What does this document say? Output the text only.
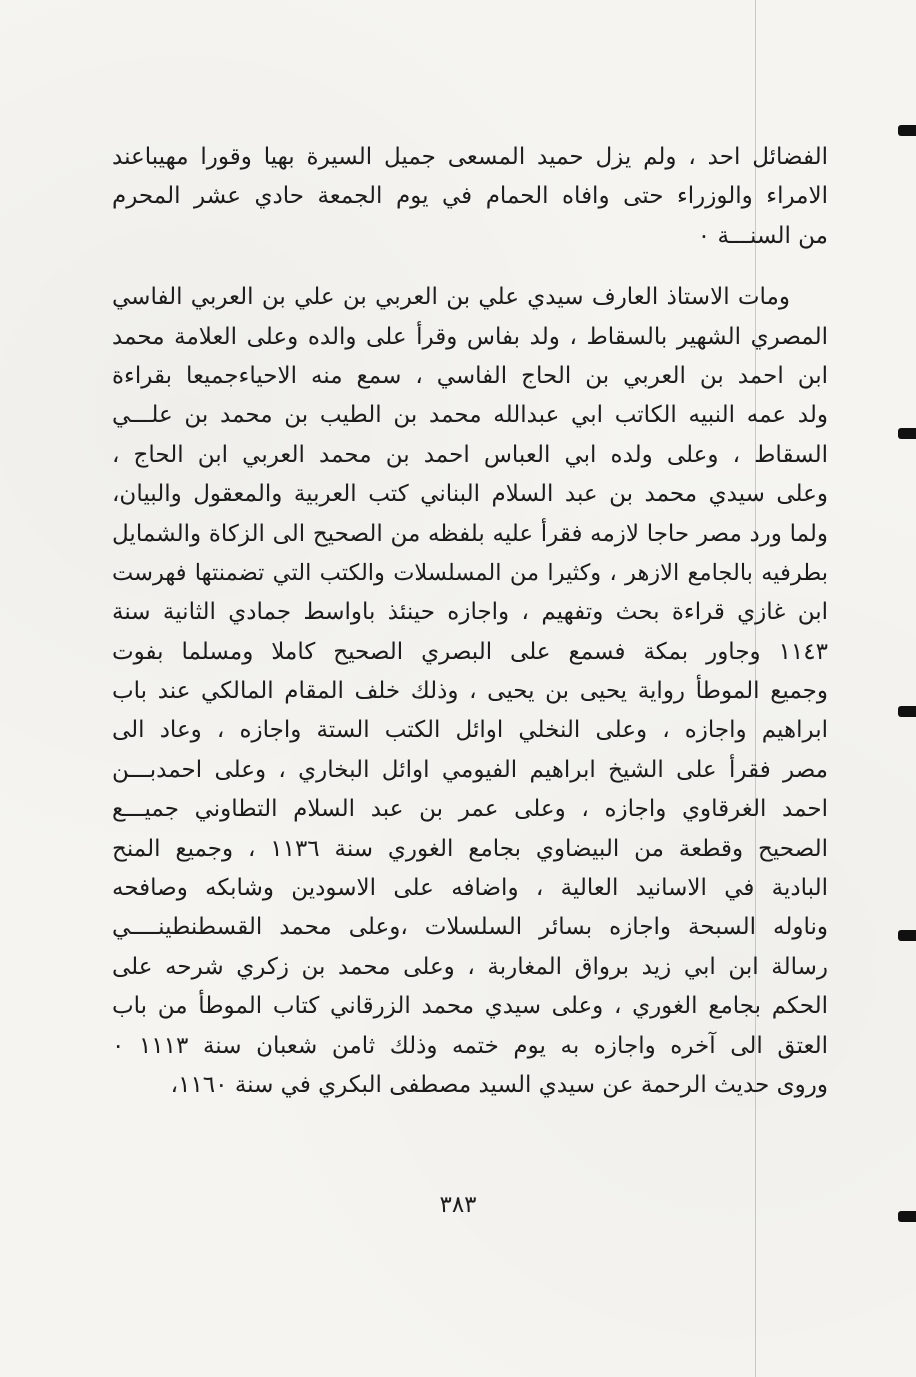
الفضائل احد ، ولم يزل حميد المسعى جميل السيرة بهيا وقورا مهيباعند
الامراء والوزراء حتى وافاه الحمام في يوم الجمعة حادي عشر المحرم
من السنـــة ٠
ومات الاستاذ العارف سيدي علي بن العربي بن علي بن العربي الفاسي
المصري الشهير بالسقاط ، ولد بفاس وقرأ على والده وعلى العلامة محمد
ابن احمد بن العربي بن الحاج الفاسي ، سمع منه الاحياءجميعا بقراءة
ولد عمه النبيه الكاتب ابي عبدالله محمد بن الطيب بن محمد بن علـــي
السقاط ، وعلى ولده ابي العباس احمد بن محمد العربي ابن الحاج ،
وعلى سيدي محمد بن عبد السلام البناني كتب العربية والمعقول والبيان،
ولما ورد مصر حاجا لازمه فقرأ عليه بلفظه من الصحيح الى الزكاة والشمايل
بطرفيه بالجامع الازهر ، وكثيرا من المسلسلات والكتب التي تضمنتها فهرست
ابن غازي قراءة بحث وتفهيم ، واجازه حينئذ باواسط جمادي الثانية سنة
١١٤٣ وجاور بمكة فسمع على البصري الصحيح كاملا ومسلما بفوت
وجميع الموطأ رواية يحيى بن يحيى ، وذلك خلف المقام المالكي عند باب
ابراهيم واجازه ، وعلى النخلي اوائل الكتب الستة واجازه ، وعاد الى
مصر فقرأ على الشيخ ابراهيم الفيومي اوائل البخاري ، وعلى احمدبـــن
احمد الغرقاوي واجازه ، وعلى عمر بن عبد السلام التطاوني جميـــع
الصحيح وقطعة من البيضاوي بجامع الغوري سنة ١١٣٦ ، وجميع المنح
البادية في الاسانيد العالية ، واضافه على الاسودين وشابكه وصافحه
وناوله السبحة واجازه بسائر السلسلات ،وعلى محمد القسطنطينــــي
رسالة ابن ابي زيد برواق المغاربة ، وعلى محمد بن زكري شرحه على
الحكم بجامع الغوري ، وعلى سيدي محمد الزرقاني كتاب الموطأ من باب
العتق الى آخره واجازه به يوم ختمه وذلك ثامن شعبان سنة ١١١٣ ٠
وروى حديث الرحمة عن سيدي السيد مصطفى البكري في سنة ١١٦٠،
٣٨٣
